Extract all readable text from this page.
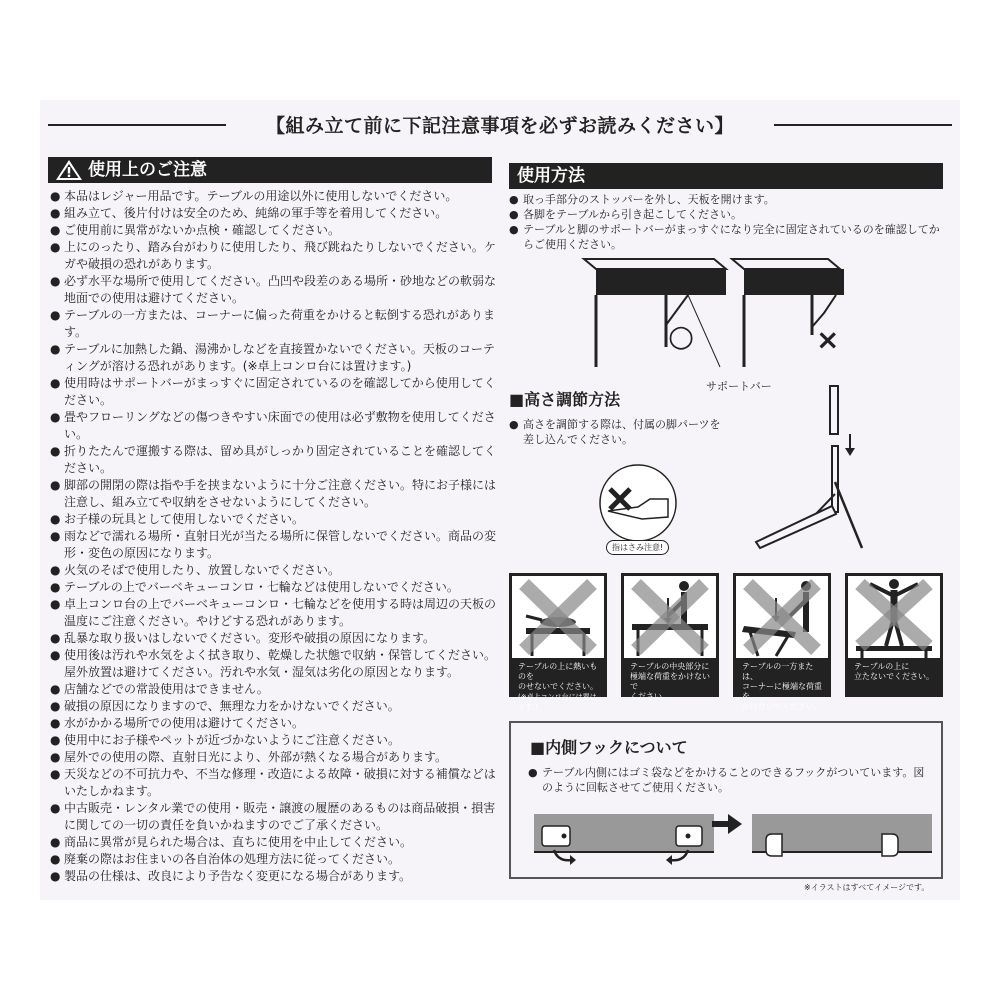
【組み立て前に下記注意事項を必ずお読みください】
使用上のご注意
● 本品はレジャー用品です。テーブルの用途以外に使用しないでください。
● 組み立て、後片付けは安全のため、純綿の軍手等を着用してください。
● ご使用前に異常がないか点検・確認してください。
● 上にのったり、踏み台がわりに使用したり、飛び跳ねたりしないでください。ケガや破損の恐れがあります。
● 必ず水平な場所で使用してください。凸凹や段差のある場所・砂地などの軟弱な地面での使用は避けてください。
● テーブルの一方または、コーナーに偏った荷重をかけると転倒する恐れがあります。
● テーブルに加熱した鍋、湯沸かしなどを直接置かないでください。天板のコーティングが溶ける恐れがあります。(※卓上コンロ台には置けます。)
● 使用時はサポートバーがまっすぐに固定されているのを確認してから使用してください。
● 畳やフローリングなどの傷つきやすい床面での使用は必ず敷物を使用してください。
● 折りたたんで運搬する際は、留め具がしっかり固定されていることを確認してください。
● 脚部の開閉の際は指や手を挟まないように十分ご注意ください。特にお子様には注意し、組み立てや収納をさせないようにしてください。
● お子様の玩具として使用しないでください。
● 雨などで濡れる場所・直射日光が当たる場所に保管しないでください。商品の変形・変色の原因になります。
● 火気のそばで使用したり、放置しないでください。
● テーブルの上でバーベキューコンロ・七輪などは使用しないでください。
● 卓上コンロ台の上でバーベキューコンロ・七輪などを使用する時は周辺の天板の温度にご注意ください。やけどする恐れがあります。
● 乱暴な取り扱いはしないでください。変形や破損の原因になります。
● 使用後は汚れや水気をよく拭き取り、乾燥した状態で収納・保管してください。屋外放置は避けてください。汚れや水気・湿気は劣化の原因となります。
● 店舗などでの常設使用はできません。
● 破損の原因になりますので、無理な力をかけないでください。
● 水がかかる場所での使用は避けてください。
● 使用中にお子様やペットが近づかないようにご注意ください。
● 屋外での使用の際、直射日光により、外部が熱くなる場合があります。
● 天災などの不可抗力や、不当な修理・改造による故障・破損に対する補償などはいたしかねます。
● 中古販売・レンタル業での使用・販売・譲渡の履歴のあるものは商品破損・損害に関しての一切の責任を負いかねますのでご了承ください。
● 商品に異常が見られた場合は、直ちに使用を中止してください。
● 廃棄の際はお住まいの各自治体の処理方法に従ってください。
● 製品の仕様は、改良により予告なく変更になる場合があります。
使用方法
● 取っ手部分のストッパーを外し、天板を開けます。
● 各脚をテーブルから引き起こしてください。
● テーブルと脚のサポートバーがまっすぐになり完全に固定されているのを確認してからご使用ください。
○	×
サポートバー
■ 高さ調節方法
● 高さを調節する際は、付属の脚パーツを差し込んでください。
指はさみ注意!
テーブルの上に熱いものを
のせないでください。
(※卓上コンロ台には置けます。)
テーブルの中央部分に
極端な荷重をかけないで
ください。
テーブルの一方または、
コーナーに極端な荷重を
かけないでください。
テーブルの上に
立たないでください。
■ 内側フックについて
● テーブル内側にはゴミ袋などをかけることのできるフックがついています。図のように回転させてご使用ください。
※イラストはすべてイメージです。
